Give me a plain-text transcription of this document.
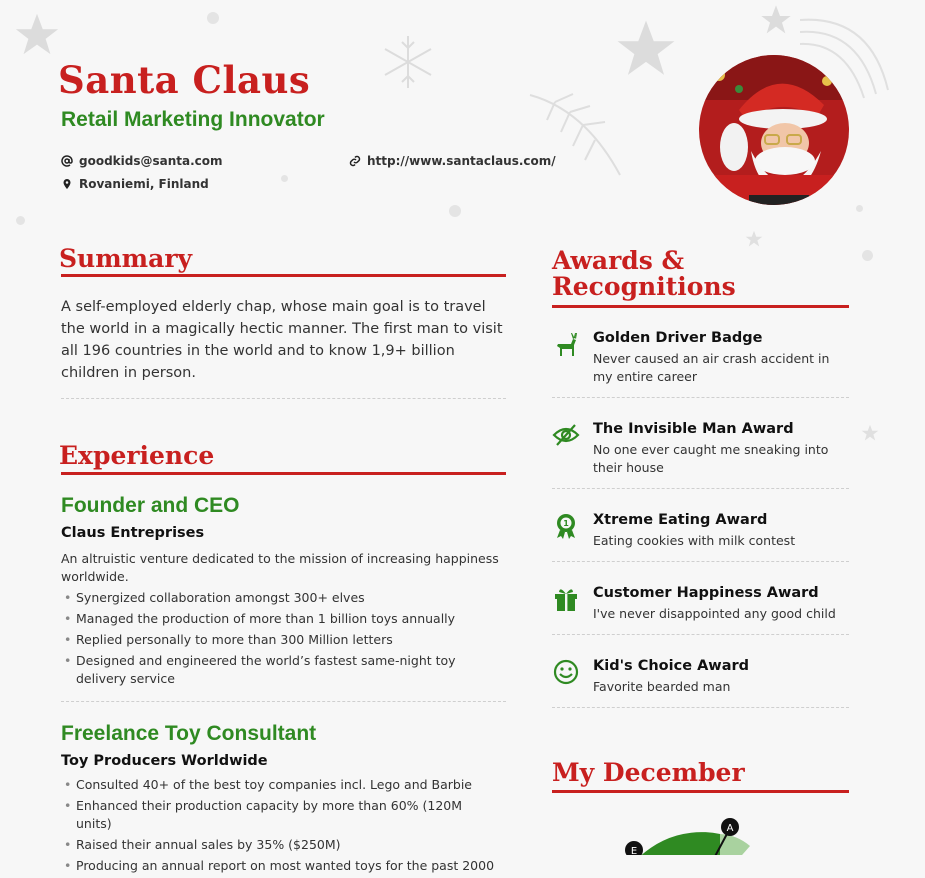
Santa Claus
Retail Marketing Innovator
goodkids@santa.com	http://www.santaclaus.com/
Rovaniemi, Finland
Summary

A self-employed elderly chap, whose main goal is to travel the world in a magically hectic manner. The first man to visit all 196 countries in the world and to know 1,9+ billion children in person.

Experience
Founder and CEO
Claus Entreprises

An altruistic venture dedicated to the mission of increasing happiness worldwide.

• Synergized collaboration amongst 300+ elves
• Managed the production of more than 1 billion toys annually
• Replied personally to more than 300 Million letters
• Designed and engineered the world’s fastest same-night toy delivery service
Freelance Toy Consultant
Toy Producers Worldwide
• Consulted 40+ of the best toy companies incl. Lego and Barbie
• Enhanced their production capacity by more than 60% (120M units)
• Raised their annual sales by 35% ($250M)
• Producing an annual report on most wanted toys for the past 2000
Awards &
Recognitions
Golden Driver Badge
Never caused an air crash accident in my entire career
The Invisible Man Award
No one ever caught me sneaking into their house
1 Xtreme Eating Award
Eating cookies with milk contest
Customer Happiness Award
I've never disappointed any good child
Kid's Choice Award
Favorite bearded man
My December
A
E
